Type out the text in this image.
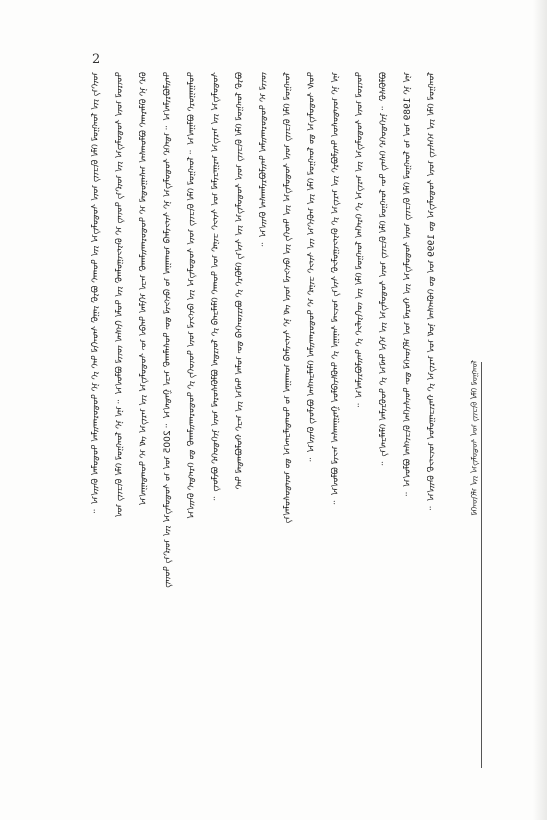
2
ᠦᠶ᠎ᠡ ᠶᠢᠨ ᠮᠣᠩᠭᠣᠯ ᠬᠡᠯᠡ ᠪᠢᠴᠢᠭ᠌ ᠦᠨ ᠰᠣᠳᠤᠯᠭ᠎ᠠ ᠶᠢᠨ ᠲᠤᠬᠠᠢ ᠪᠤᠶᠤ ᠶᠠᠭᠤ ᠰᠡᠳᠬᠢᠯ ᠲᠠᠢ ᠶᠢ ᠨᠢ ᠲᠣᠳᠣᠷᠬᠠᠢᠯᠠᠨ ᠲᠤᠲᠤᠯᠠᠨ ᠪᠠᠢᠨ᠎ᠠ ᠃ ᠲᠦᠷᠦᠯ ᠦᠨ ᠰᠣᠳᠤᠯᠭ᠎ᠠ ᠶᠢᠨ ᠦᠷ᠎ᠡ ᠳᠦᠩ ᠢ ᠪᠠᠶᠠᠵᠢᠭᠤᠯᠬᠤ ᠶᠢᠨ ᠲᠤᠯᠠ ᠬᠢᠭᠰᠡᠨ ᠵᠦᠢᠯ ᠪᠣᠯᠤᠨ᠎ᠠ ᠃ ᠡᠨᠡ ᠨᠢ ᠮᠣᠩᠭᠣᠯ ᠬᠡᠯᠡ ᠪᠢᠴᠢᠭ᠌ ᠤᠨ ᠪᠠᠷ ᠨᠢ ᠪᠠᠯᠠᠷᠬᠠᠢ ᠪᠣᠯᠤᠭᠰᠠᠨ ᠠᠰᠠᠭᠤᠳᠠᠯ ᠢ ᠲᠣᠳᠣᠷᠬᠠᠢᠯᠠᠬᠤ ᠠᠴᠠ ᠡᠬᠢᠯᠡᠨ ᠲᠡᠭᠦᠨ ᠦ ᠰᠤᠳᠤᠯᠭ᠎ᠠ ᠶᠢᠨ ᠠᠷᠭ᠎ᠠ ᠵᠠᠮ ᠢ ᠲᠣᠭᠲᠠᠭᠠᠨ᠎ᠠ ᠲᠠᠢᠯᠪᠤᠷᠢᠯᠠᠨ᠎ᠠ ᠃ ᠡᠳᠡᠭᠡᠷ ᠰᠤᠳᠤᠯᠭ᠎ᠠ ᠨᠢ ᠰᠢᠨᠵᠢᠯᠡᠬᠦ ᠤᠬᠠᠭᠠᠨ ᠤ ᠬᠥᠭᠵᠢᠯ ᠳᠦ ᠲᠤᠰᠠᠯᠠᠬᠤ ᠠᠴᠠ ᠭᠠᠳᠠᠨ᠎ᠠ ᠃ 2005 ᠣᠨ ᠤ ᠰᠤᠳᠤᠯᠭ᠎ᠠ ᠶᠢᠨ ᠦᠷ᠎ᠡ ᠳᠦᠩ ᠲᠤᠯᠭᠠᠭᠤᠷᠢ ᠪᠣᠯᠭᠠᠨ᠎ᠠ ᠃ ᠮᠣᠩᠭᠣᠯ ᠬᠡᠯᠡ ᠪᠢᠴᠢᠭ᠌ ᠦᠨ ᠰᠤᠳᠤᠯᠭ᠎ᠠ ᠶᠢᠨ ᠬᠥᠭᠵᠢᠯ ᠦᠨ ᠲᠦᠦᠬᠡ ᠶᠢ ᠲᠣᠳᠣᠷᠬᠠᠢᠯᠠᠬᠤ ᠳᠤ ᠬᠡᠷᠡᠭᠲᠡᠢ ᠪᠠᠢᠨ᠎ᠠ ᠰᠤᠳᠤᠯᠭ᠎ᠠ ᠶᠢᠨ ᠠᠷᠭ᠎ᠠ ᠠᠷᠭᠠᠴᠢᠯᠠᠯ ᠤᠨ ᠰᠢᠨᠵᠢ ᠴᠢᠨᠠᠷ ᠤᠨ ᠲᠤᠬᠠᠢ ᠬᠡᠯᠡᠯᠴᠡᠬᠦ ᠶᠢ ᠮᠥᠷᠳᠡᠨ ᠪᠣᠯᠪᠠᠰᠤᠷᠠᠯ ᠦᠨ ᠨᠢᠭᠡᠳᠦᠭᠡᠷ ᠪᠦᠯᠦᠭ ᠃ ᠪᠤᠶᠤ ᠮᠣᠩᠭᠣᠯ ᠬᠡᠯᠡ ᠪᠢᠴᠢᠭ᠌ ᠦᠨ ᠰᠤᠳᠤᠯᠭ᠎ᠠ ᠶᠢᠨ ᠰᠢᠨ᠎ᠡ ᠬᠡᠯᠪᠡᠷᠢ ᠶᠢ ᠪᠦᠷᠢᠳᠬᠡᠬᠦ ᠳᠦ ᠣᠯᠠᠨ ᠲᠠᠯ᠎ᠠ ᠶᠢᠨ ᠠᠴᠢ ᠬᠣᠯᠪᠣᠭᠳᠠᠯ ᠲᠠᠢ ᠵᠦᠢᠯ ᠢ ᠲᠣᠳᠣᠷᠬᠠᠢᠯᠠᠨ ᠲᠠᠢᠯᠪᠤᠷᠢᠯᠠᠭᠰᠠᠨ ᠪᠠᠢᠨ᠎ᠠ ᠃ ᠮᠣᠩᠭᠣᠯ ᠬᠡᠯᠡ ᠪᠢᠴᠢᠭ᠌ ᠦᠨ ᠰᠤᠳᠤᠯᠭ᠎ᠠ ᠶᠢᠨ ᠲᠡᠦᠬᠡ ᠶᠢᠨ ᠬᠥᠭᠵᠢᠯ ᠦᠨ ᠵᠠᠮ ᠨᠢ ᠰᠢᠨᠵᠢᠯᠡᠬᠦ ᠤᠬᠠᠭᠠᠨ ᠤ ᠲᠣᠭᠲᠠᠯᠴᠠᠭ᠎ᠠ ᠳᠤ ᠦᠨᠳᠦᠰᠦᠯᠡᠨ᠎ᠡ ᠲᠤᠰ ᠰᠤᠳᠤᠯᠭ᠎ᠠ ᠳᠤ ᠮᠣᠩᠭᠣᠯ ᠬᠡᠯᠡ ᠶᠢᠨ ᠠᠪᠢᠶ᠎ᠠ ᠵᠢᠨ ᠰᠢᠨᠵᠢ ᠴᠢᠨᠠᠷ ᠢ ᠲᠣᠳᠣᠷᠬᠠᠢᠯᠠᠨ ᠬᠡᠯᠡᠯᠴᠡᠭᠰᠡᠨ ᠪᠦᠯᠦᠭ ᠪᠠᠢᠨ᠎ᠠ ᠃ ᠡᠨᠡ ᠨᠢ ᠦᠨᠳᠦᠰᠦᠨ ᠲᠠᠢᠯᠪᠤᠷᠢ ᠶᠢᠨ ᠠᠷᠭ᠎ᠠ ᠶᠢ ᠪᠠᠶᠠᠵᠢᠭᠤᠯᠵᠤ ᠰᠢᠨ᠎ᠡ ᠦᠵᠡᠯ ᠰᠠᠨᠠᠭᠠ ᠶᠢ ᠳᠡᠪᠰᠢᠭᠦᠯᠦᠨ ᠭᠠᠷᠭᠠᠭᠰᠠᠨ ᠠᠵᠢᠯ ᠪᠣᠯᠤᠨ᠎ᠠ ᠃ ᠲᠦᠷᠦᠯ ᠦᠨ ᠰᠤᠳᠤᠯᠭ᠎ᠠ ᠶᠢᠨ ᠠᠷᠭ᠎ᠠ ᠶᠢ ᠬᠡᠷᠡᠭᠯᠡᠨ ᠮᠣᠩᠭᠣᠯ ᠬᠡᠯᠡ ᠶᠢᠨ ᠵᠣᠬᠢᠶᠠᠮᠵᠢ ᠶᠢ ᠲᠠᠢᠯᠪᠤᠷᠢᠯᠠᠨ᠎ᠠ ᠃ ᠪᠣᠯᠪᠠᠰᠤ ᠃ ᠨᠢᠭᠡᠳᠦᠭᠡᠷ ᠬᠡᠰᠡᠭ ᠲᠦ ᠮᠣᠩᠭᠣᠯ ᠬᠡᠯᠡ ᠪᠢᠴᠢᠭ᠌ ᠦᠨ ᠰᠤᠳᠤᠯᠭ᠎ᠠ ᠶᠢᠨ ᠡᠬᠢᠨ ᠲᠠᠯ᠎ᠠ ᠶᠢ ᠲᠣᠪᠴᠢᠯᠠᠨ ᠬᠡᠯᠡᠯᠴᠡᠨ᠎ᠡ ᠃ ᠡᠨᠡ ᠨᠢ 1989 ᠣᠨ ᠤ ᠮᠣᠩᠭᠣᠯ ᠬᠡᠯᠡ ᠪᠢᠴᠢᠭ᠌ ᠦᠨ ᠰᠤᠳᠤᠯᠭ᠎ᠠ ᠶᠢᠨ ᠬᠤᠷᠠᠯ ᠤᠨ ᠡᠮᠬᠢᠳᠬᠡᠯ ᠳᠦ ᠲᠦᠰᠢᠭᠯᠡᠨ ᠪᠢᠴᠢᠭᠰᠡᠨ ᠪᠣᠯᠤᠨ᠎ᠠ ᠃ ᠮᠣᠩᠭᠣᠯ ᠬᠡᠯᠡ ᠶᠢᠨ ᠡᠭᠡᠰᠢᠭ ᠦᠨ ᠰᠤᠳᠤᠯᠭ᠎ᠠ ᠳᠤ 1999 ᠣᠨ ᠳᠤ ᠬᠡᠪᠯᠡᠭᠰᠡᠨ ᠨᠣᠮ ᠤᠨ ᠠᠷᠭ᠎ᠠ ᠶᠢ ᠬᠠᠷᠢᠴᠠᠭᠤᠯᠤᠨ ᠦᠵᠡᠵᠦ ᠪᠠᠢᠨ᠎ᠠ ᠃	ᠮᠣᠩᠭᠣᠯ ᠬᠡᠯᠡ ᠪᠢᠴᠢᠭ᠌ ᠤᠨ ᠰᠣᠳᠤᠯᠭ᠎ᠠ ᠶᠢᠨ ᠡᠮᠬᠢᠳᠬᠡᠯ
